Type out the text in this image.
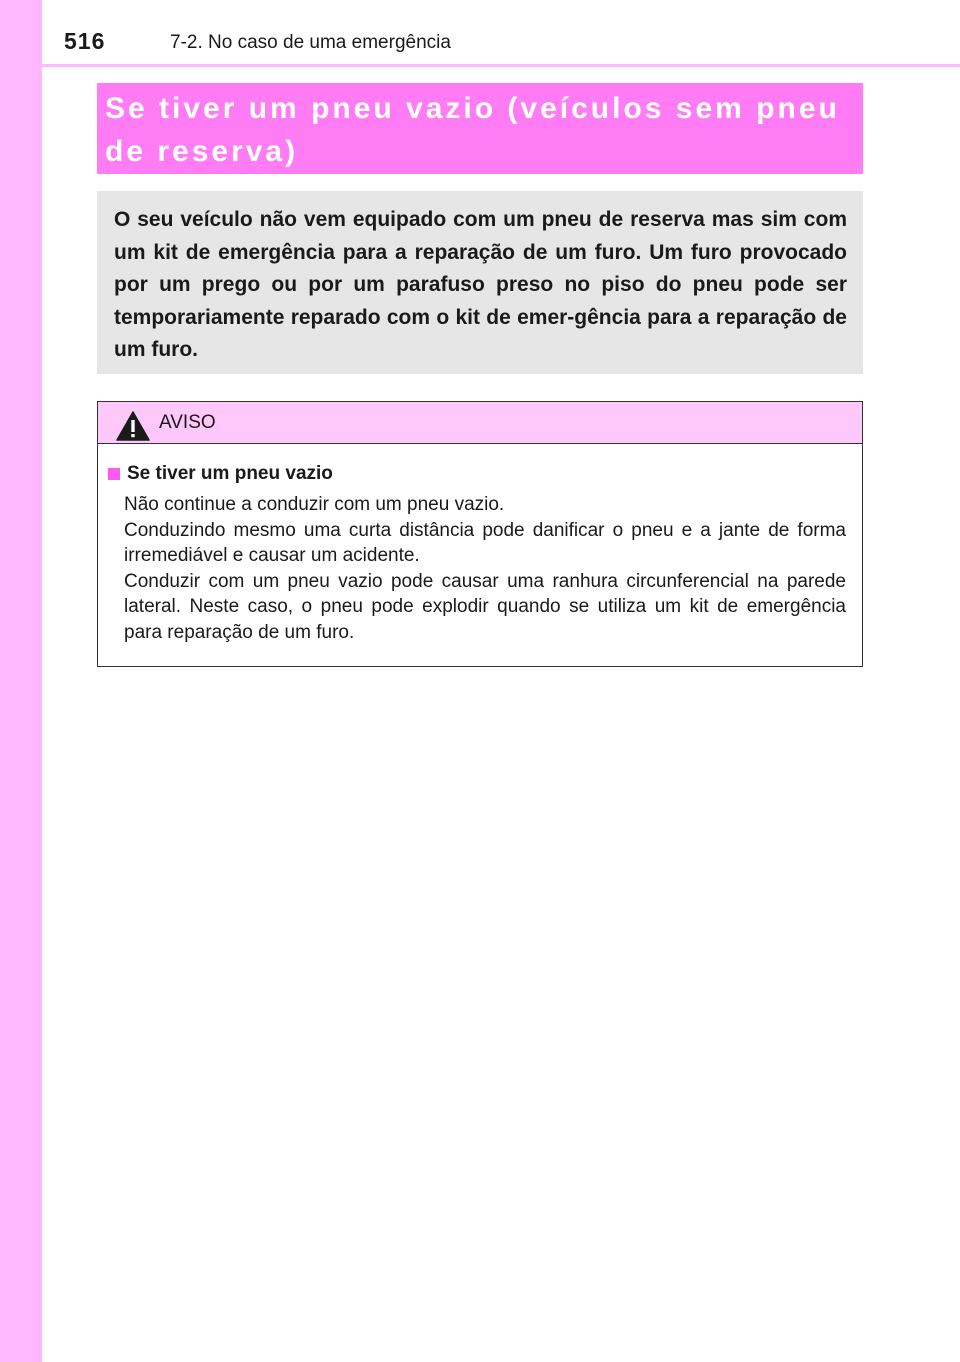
516	7-2. No caso de uma emergência

Se tiver um pneu vazio (veículos sem pneu de reserva)

O seu veículo não vem equipado com um pneu de reserva mas sim com um kit de emergência para a reparação de um furo. Um furo provocado por um prego ou por um parafuso preso no piso do pneu pode ser temporariamente reparado com o kit de emer-gência para a reparação de um furo.

AVISO
Se tiver um pneu vazio

Não continue a conduzir com um pneu vazio.

Conduzindo mesmo uma curta distância pode danificar o pneu e a jante de forma irremediável e causar um acidente.

Conduzir com um pneu vazio pode causar uma ranhura circunferencial na parede lateral. Neste caso, o pneu pode explodir quando se utiliza um kit de emergência para reparação de um furo.
